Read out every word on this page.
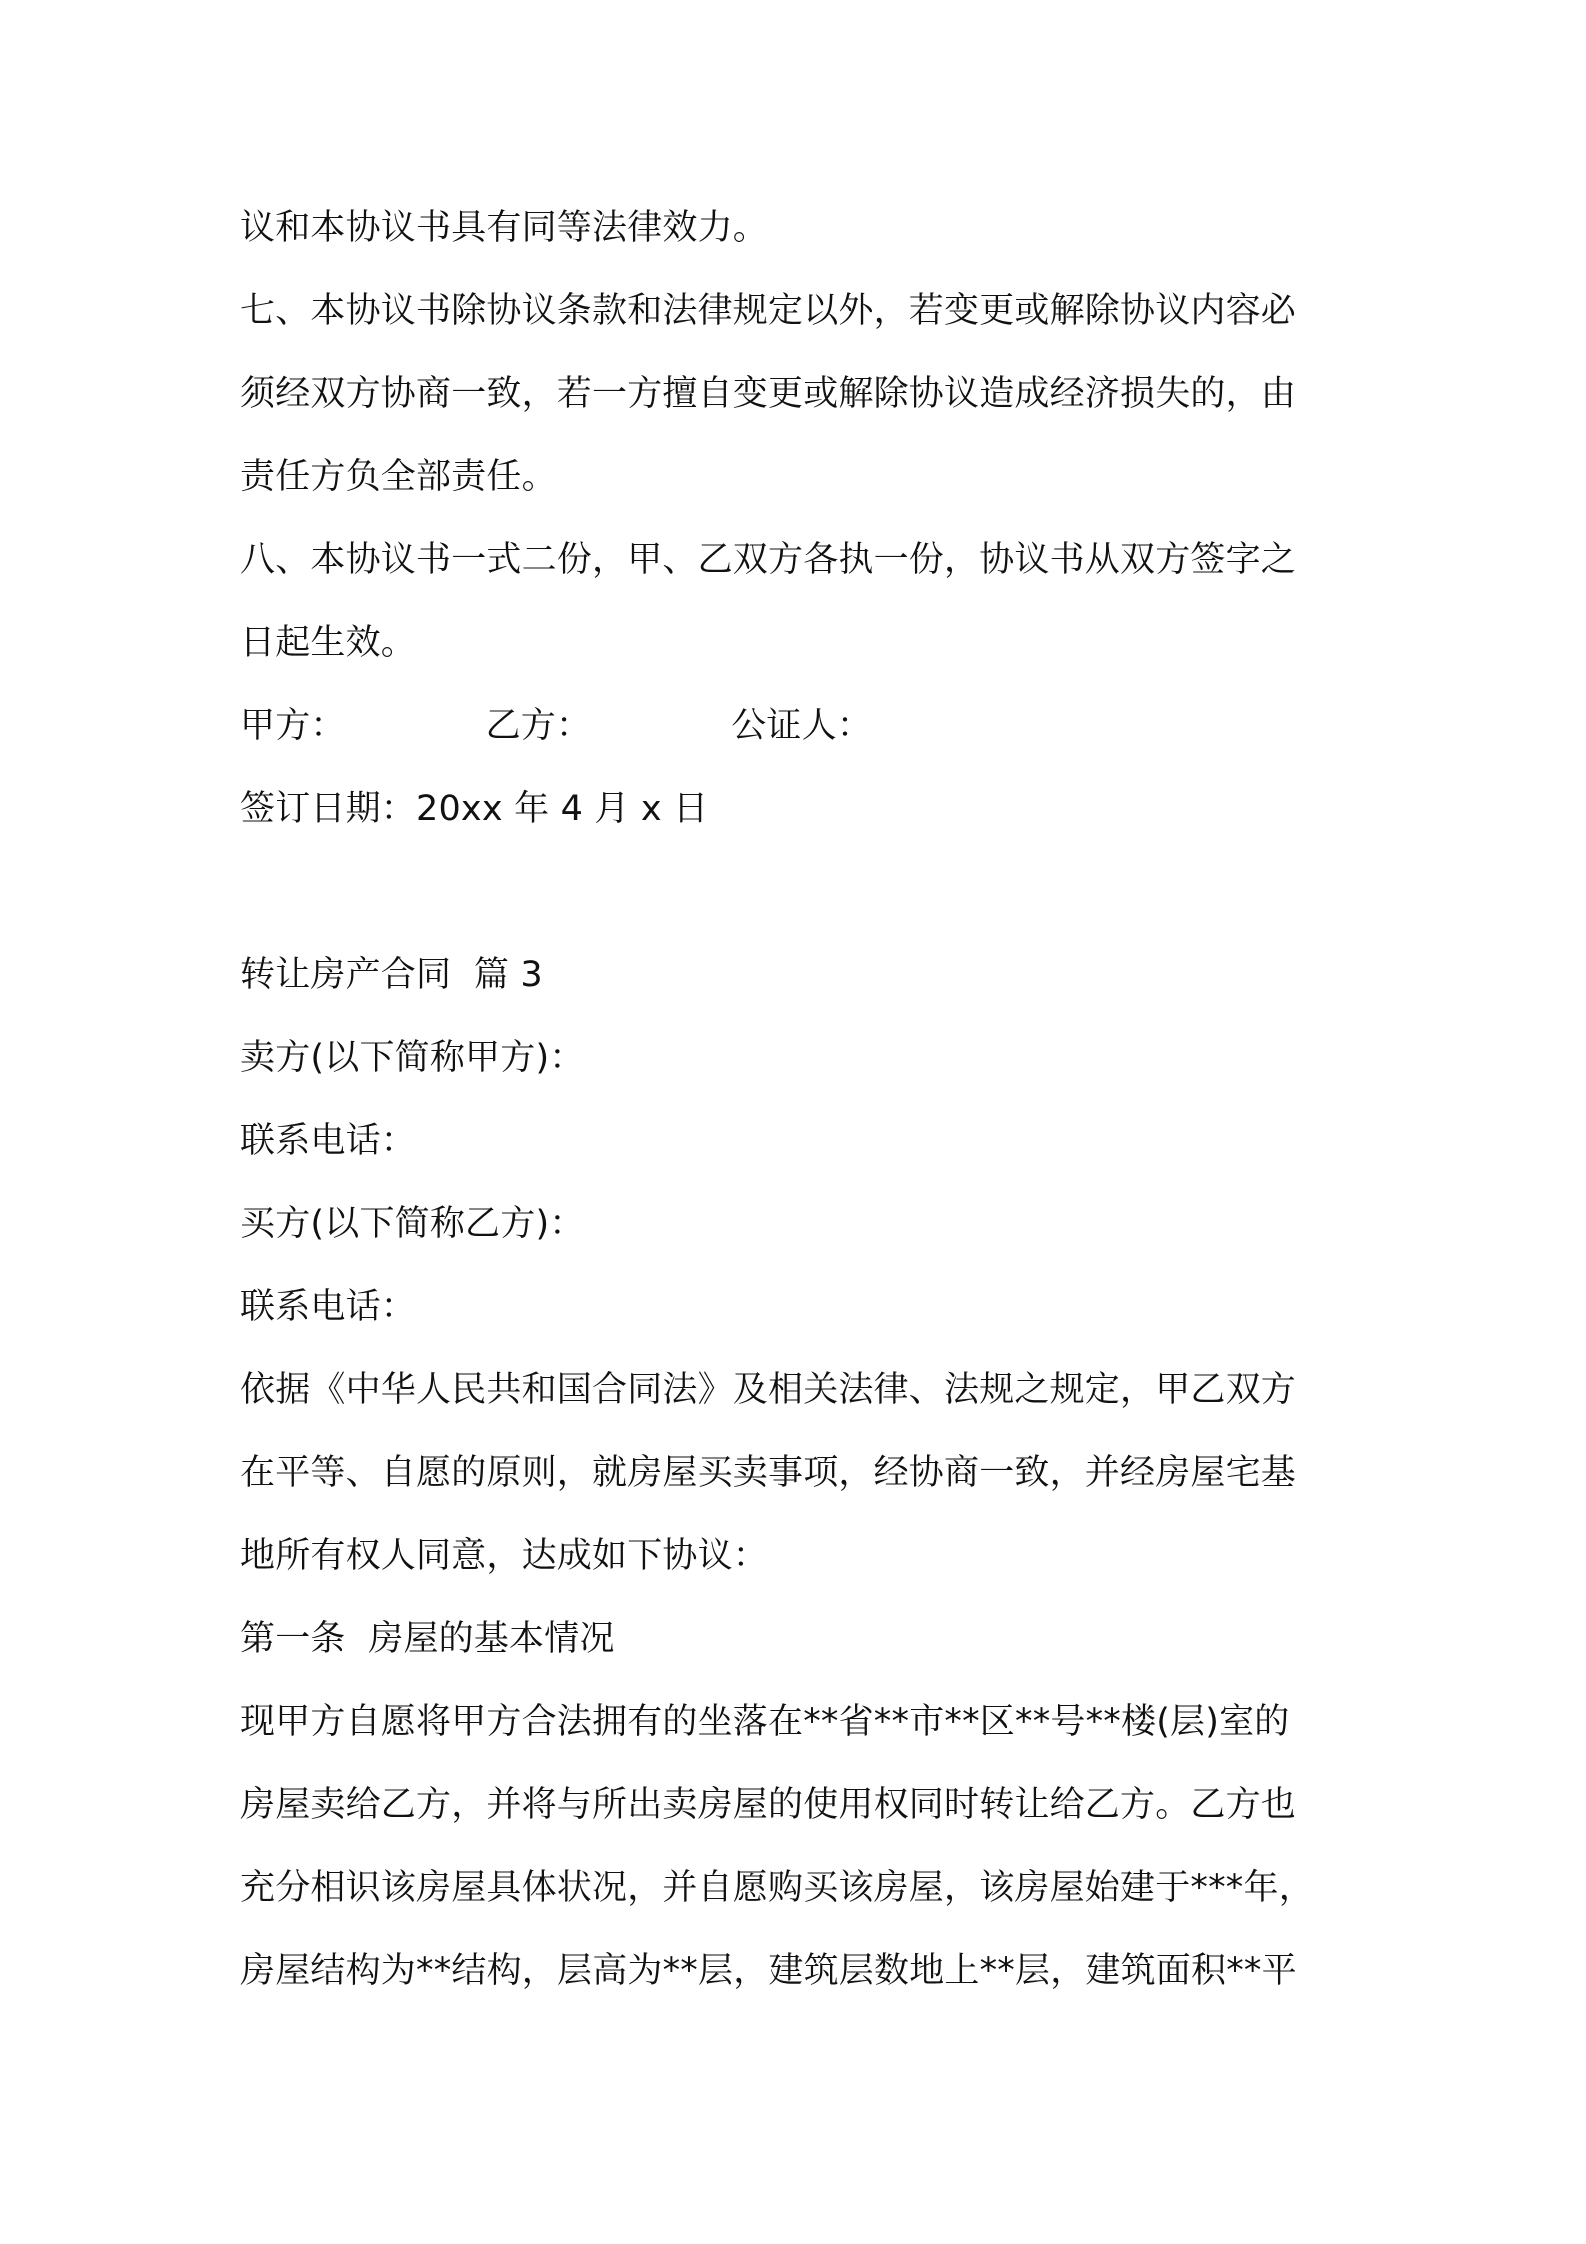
议和本协议书具有同等法律效力。
七、本协议书除协议条款和法律规定以外，若变更或解除协议内容必
须经双方协商一致，若一方擅自变更或解除协议造成经济损失的，由
责任方负全部责任。
八、本协议书一式二份，甲、乙双方各执一份，协议书从双方签字之
日起生效。
甲方：	乙方：	公证人：
签订日期：20xx 年 4 月 x 日
转让房产合同  篇 3
卖方(以下简称甲方)：
联系电话：
买方(以下简称乙方)：
联系电话：
依据《中华人民共和国合同法》及相关法律、法规之规定，甲乙双方
在平等、自愿的原则，就房屋买卖事项，经协商一致，并经房屋宅基
地所有权人同意，达成如下协议：
第一条  房屋的基本情况
现甲方自愿将甲方合法拥有的坐落在**省**市**区**号**楼(层)室的
房屋卖给乙方，并将与所出卖房屋的使用权同时转让给乙方。乙方也
充分相识该房屋具体状况，并自愿购买该房屋，该房屋始建于***年，
房屋结构为**结构，层高为**层，建筑层数地上**层，建筑面积**平
